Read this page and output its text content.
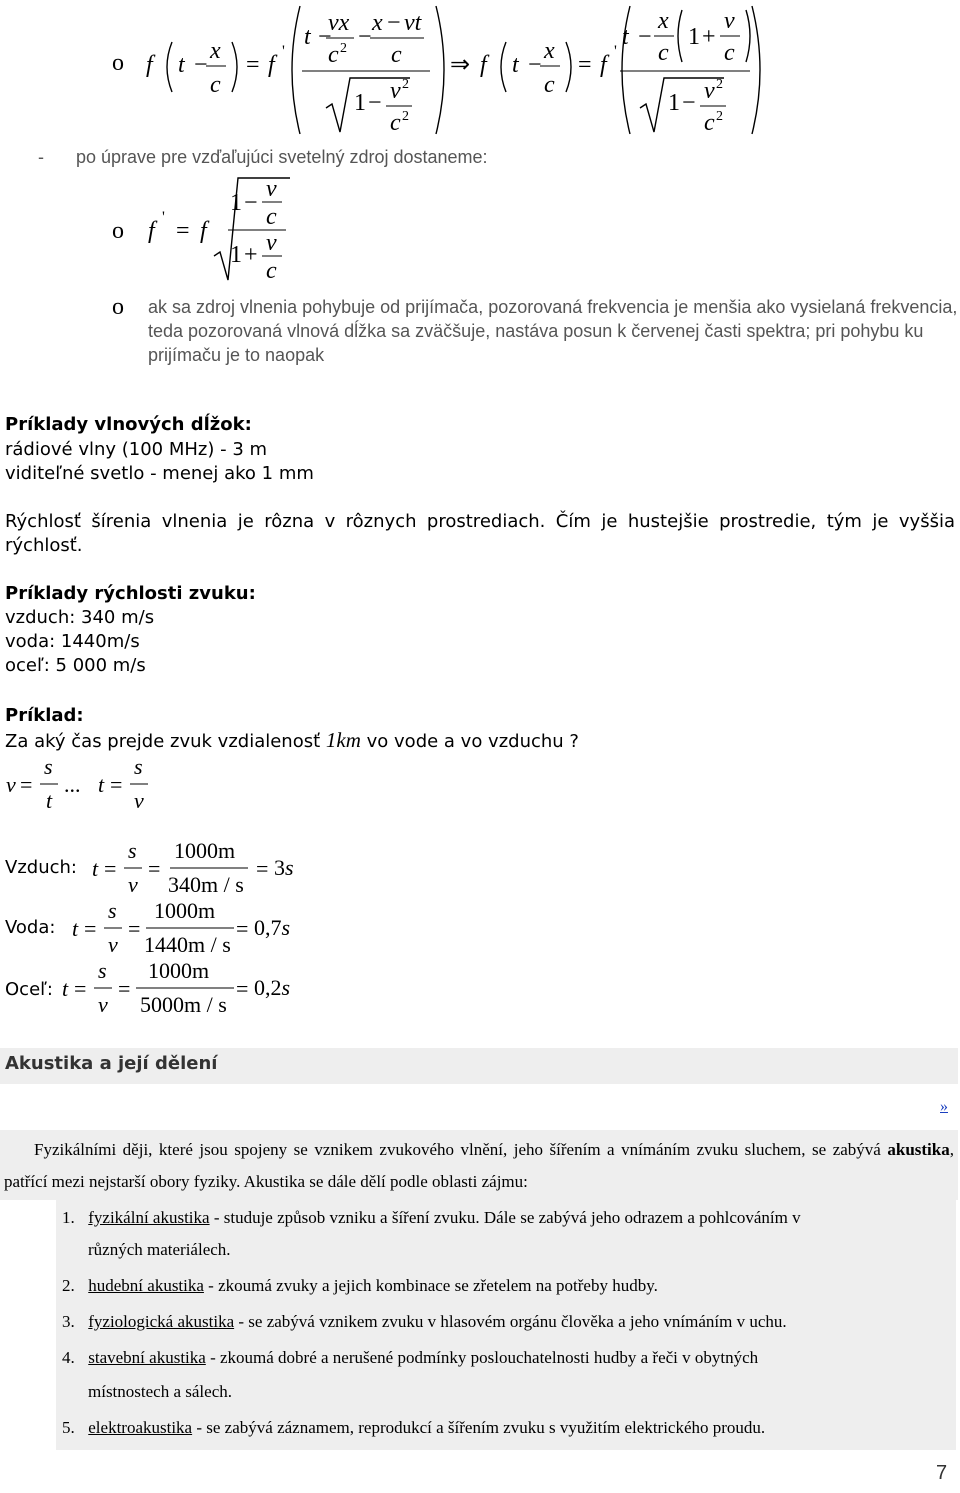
o f t −
x
c
= f
'
t −
vx
c 2 −
x − vt
c
1 − v 2
c 2
⇒ f t −
x
c
= f
'
t −
x
c
1 +
v
c
1 − v 2
c 2
- po úprave pre vzďaľujúci svetelný zdroj dostaneme:
o f
'
= f
1 −
v
c
1 + v
c
o ak sa zdroj vlnenia pohybuje od prijímača, pozorovaná frekvencia je menšia ako vysielaná frekvencia, teda pozorovaná vlnová dĺžka sa zväčšuje, nastáva posun k červenej časti spektra; pri pohybu ku prijímaču je to naopak
Príklady vlnových dĺžok:
rádiové vlny (100 MHz) - 3 m
viditeľné svetlo - menej ako 1 mm
Rýchlosť šírenia vlnenia je rôzna v rôznych prostrediach. Čím je hustejšie prostredie, tým je vyššia rýchlosť.
Príklady rýchlosti zvuku:
vzduch: 340 m/s
voda: 1440m/s
oceľ: 5 000 m/s
Príklad:
Za aký čas prejde zvuk vzdialenosť 1km vo vode a vo vzduchu ?
v =
s
t
... t =
s
v
Vzduch: t =
s
v
=	=
1000m
340m / s
3s
Voda: t =
s
v
=	=
1000m
1440m / s
0,7s
Oceľ: t =
s
v
=	=
1000m
5000m / s
0,2s
Akustika a její dělení
»
Fyzikálními ději, které jsou spojeny se vznikem zvukového vlnění, jeho šířením a vnímáním zvuku sluchem, se zabývá akustika, patřící mezi nejstarší obory fyziky. Akustika se dále dělí podle oblasti zájmu:
1. fyzikální akustika - studuje způsob vzniku a šíření zvuku. Dále se zabývá jeho odrazem a pohlcováním v
různých materiálech.
2. hudební akustika - zkoumá zvuky a jejich kombinace se zřetelem na potřeby hudby.
3. fyziologická akustika - se zabývá vznikem zvuku v hlasovém orgánu člověka a jeho vnímáním v uchu.
4. stavební akustika - zkoumá dobré a nerušené podmínky poslouchatelnosti hudby a řeči v obytných
místnostech a sálech.
5. elektroakustika - se zabývá záznamem, reprodukcí a šířením zvuku s využitím elektrického proudu.
7
